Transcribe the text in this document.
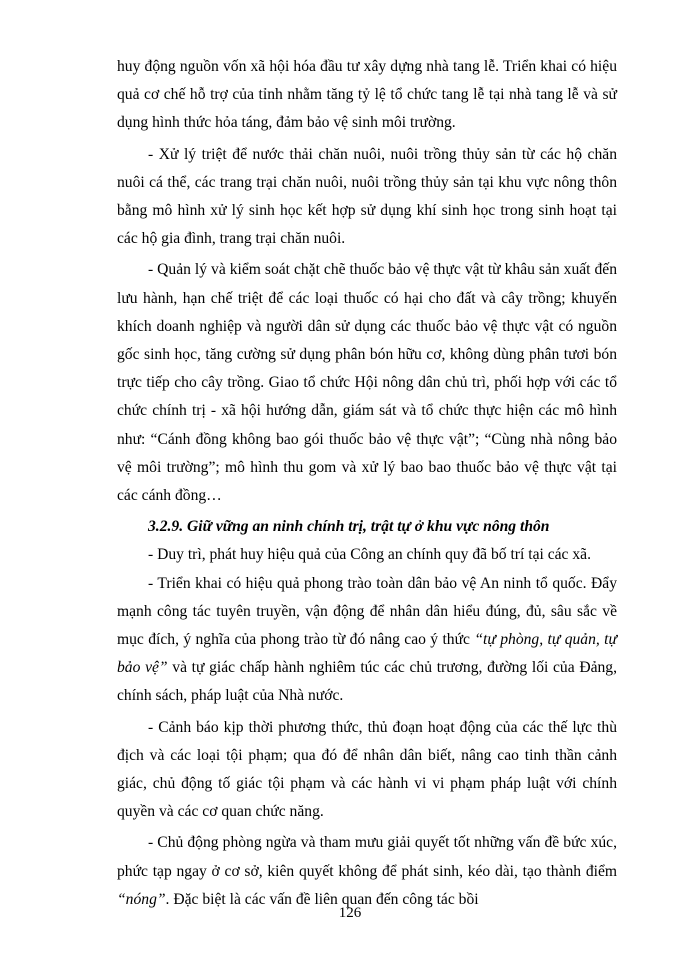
huy động nguồn vốn xã hội hóa đầu tư xây dựng nhà tang lễ. Triển khai có hiệu quả cơ chế hỗ trợ của tỉnh nhằm tăng tỷ lệ tổ chức tang lễ tại nhà tang lễ và sử dụng hình thức hỏa táng, đảm bảo vệ sinh môi trường.

- Xử lý triệt để nước thải chăn nuôi, nuôi trồng thủy sản từ các hộ chăn nuôi cá thể, các trang trại chăn nuôi, nuôi trồng thủy sản tại khu vực nông thôn bằng mô hình xử lý sinh học kết hợp sử dụng khí sinh học trong sinh hoạt tại các hộ gia đình, trang trại chăn nuôi.

- Quản lý và kiểm soát chặt chẽ thuốc bảo vệ thực vật từ khâu sản xuất đến lưu hành, hạn chế triệt để các loại thuốc có hại cho đất và cây trồng; khuyến khích doanh nghiệp và người dân sử dụng các thuốc bảo vệ thực vật có nguồn gốc sinh học, tăng cường sử dụng phân bón hữu cơ, không dùng phân tươi bón trực tiếp cho cây trồng. Giao tổ chức Hội nông dân chủ trì, phối hợp với các tổ chức chính trị - xã hội hướng dẫn, giám sát và tổ chức thực hiện các mô hình như: “Cánh đồng không bao gói thuốc bảo vệ thực vật”; “Cùng nhà nông bảo vệ môi trường”; mô hình thu gom và xử lý bao bao thuốc bảo vệ thực vật tại các cánh đồng…

3.2.9. Giữ vững an ninh chính trị, trật tự ở khu vực nông thôn

- Duy trì, phát huy hiệu quả của Công an chính quy đã bố trí tại các xã.

- Triển khai có hiệu quả phong trào toàn dân bảo vệ An ninh tổ quốc. Đẩy mạnh công tác tuyên truyền, vận động để nhân dân hiểu đúng, đủ, sâu sắc về mục đích, ý nghĩa của phong trào từ đó nâng cao ý thức “tự phòng, tự quản, tự bảo vệ” và tự giác chấp hành nghiêm túc các chủ trương, đường lối của Đảng, chính sách, pháp luật của Nhà nước.

- Cảnh báo kịp thời phương thức, thủ đoạn hoạt động của các thế lực thù địch và các loại tội phạm; qua đó để nhân dân biết, nâng cao tinh thần cảnh giác, chủ động tố giác tội phạm và các hành vi vi phạm pháp luật với chính quyền và các cơ quan chức năng.

- Chủ động phòng ngừa và tham mưu giải quyết tốt những vấn đề bức xúc, phức tạp ngay ở cơ sở, kiên quyết không để phát sinh, kéo dài, tạo thành điểm “nóng”. Đặc biệt là các vấn đề liên quan đến công tác bồi

126
